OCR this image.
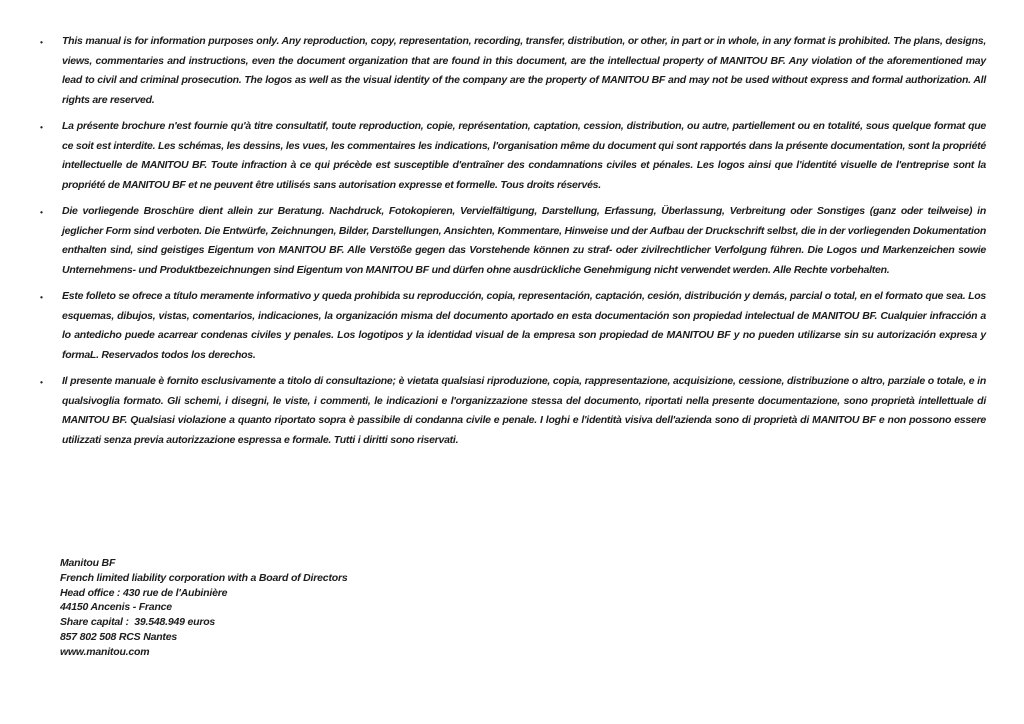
•	This manual is for information purposes only. Any reproduction, copy, representation, recording, transfer, distribution, or other, in part or in whole, in any format is prohibited. The plans, designs, views, commentaries and instructions, even the document organization that are found in this document, are the intellectual property of MANITOU BF. Any violation of the aforementioned may lead to civil and criminal prosecution. The logos as well as the visual identity of the company are the property of MANITOU BF and may not be used without express and formal authorization. All rights are reserved.

•	La présente brochure n'est fournie qu'à titre consultatif, toute reproduction, copie, représentation, captation, cession, distribution, ou autre, partiellement ou en totalité, sous quelque format que ce soit est interdite. Les schémas, les dessins, les vues, les commentaires les indications, l'organisation même du document qui sont rapportés dans la présente documentation, sont la propriété intellectuelle de MANITOU BF. Toute infraction à ce qui précède est susceptible d'entraîner des condamnations civiles et pénales. Les logos ainsi que l'identité visuelle de l'entreprise sont la propriété de MANITOU BF et ne peuvent être utilisés sans autorisation expresse et formelle. Tous droits réservés.

•	Die vorliegende Broschüre dient allein zur Beratung. Nachdruck, Fotokopieren, Vervielfältigung, Darstellung, Erfassung, Überlassung, Verbreitung oder Sonstiges (ganz oder teilweise) in jeglicher Form sind verboten. Die Entwürfe, Zeichnungen, Bilder, Darstellungen, Ansichten, Kommentare, Hinweise und der Aufbau der Druckschrift selbst, die in der vorliegenden Dokumentation enthalten sind, sind geistiges Eigentum von MANITOU BF. Alle Verstöße gegen das Vorstehende können zu straf- oder zivilrechtlicher Verfolgung führen. Die Logos und Markenzeichen sowie Unternehmens- und Produktbezeichnungen sind Eigentum von MANITOU BF und dürfen ohne ausdrückliche Genehmigung nicht verwendet werden. Alle Rechte vorbehalten.

•	Este folleto se ofrece a título meramente informativo y queda prohibida su reproducción, copia, representación, captación, cesión, distribución y demás, parcial o total, en el formato que sea. Los esquemas, dibujos, vistas, comentarios, indicaciones, la organización misma del documento aportado en esta documentación son propiedad intelectual de MANITOU BF. Cualquier infracción a lo antedicho puede acarrear condenas civiles y penales. Los logotipos y la identidad visual de la empresa son propiedad de MANITOU BF y no pueden utilizarse sin su autorización expresa y formaL. Reservados todos los derechos.

•	Il presente manuale è fornito esclusivamente a titolo di consultazione; è vietata qualsiasi riproduzione, copia, rappresentazione, acquisizione, cessione, distribuzione o altro, parziale o totale, e in qualsivoglia formato. Gli schemi, i disegni, le viste, i commenti, le indicazioni e l'organizzazione stessa del documento, riportati nella presente documentazione, sono proprietà intellettuale di MANITOU BF. Qualsiasi violazione a quanto riportato sopra è passibile di condanna civile e penale. I loghi e l'identità visiva dell'azienda sono di proprietà di MANITOU BF e non possono essere utilizzati senza previa autorizzazione espressa e formale. Tutti i diritti sono riservati.

Manitou BF
French limited liability corporation with a Board of Directors
Head office : 430 rue de l'Aubinière
44150 Ancenis - France
Share capital :  39.548.949 euros
857 802 508 RCS Nantes
www.manitou.com
